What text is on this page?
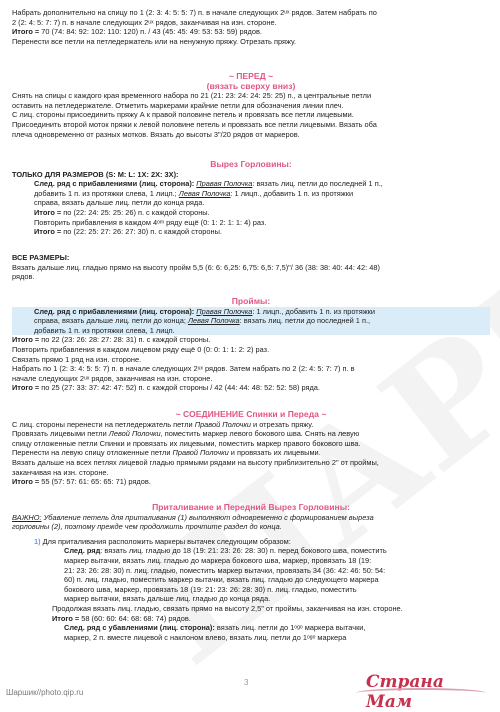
Набрать дополнительно на спицу по 1 (2: 3: 4: 5: 5: 7) п. в начале следующих 2ᵘˣ рядов. Затем набрать по

2 (2: 4: 5: 7: 7) п. в начале следующих 2ᵘˣ рядов, заканчивая на изн. стороне.

Итого = 70 (74: 84: 92: 102: 110: 120) п. / 43 (45: 45: 49: 53: 53: 59) рядов.

Перенести все петли на петледержатель или на ненужную пряжу. Отрезать пряжу.

~ ПЕРЕД ~

(вязать сверху вниз)

Снять на спицы с каждого края временного набора по 21 (21: 23: 24: 24: 25: 25) п., а центральные петли

оставить на петледержателе. Отметить маркерами крайние петли для обозначения линии плеч.

С лиц. стороны присоединить пряжу А к правой половине петель и провязать все петли лицевыми.

Присоединить второй моток пряжи к левой половине петель и провязать все петли лицевыми. Вязать оба

плеча одновременно от разных мотков. Вязать до высоты 3"/20 рядов от маркеров.

Вырез Горловины:

ТОЛЬКО ДЛЯ РАЗМЕРОВ (S: M: L: 1X: 2X: 3X):

След. ряд с прибавлениями (лиц. сторона): Правая Полочка: вязать лиц. петли до последней 1 п.,

добавить 1 п. из протяжки слева, 1 лицп.; Левая Полочка: 1 лицп., добавить 1 п. из протяжки

справа, вязать дальше лиц. петли до конца ряда.

Итого = по (22: 24: 25: 25: 26) п. с каждой стороны.

Повторить прибавления в каждом 4ᵒᵐ ряду ещё (0: 1: 2: 1: 1: 4) раз.

Итого = по (22: 25: 27: 26: 27: 30) п. с каждой стороны.

ВСЕ РАЗМЕРЫ:

Вязать дальше лиц. гладью прямо на высоту пройм 5,5 (6: 6: 6,25: 6,75: 6,5: 7,5)"/ 36 (38: 38: 40: 44: 42: 48)

рядов.

Проймы:

След. ряд с прибавлениями (лиц. сторона): Правая Полочка: 1 лицп., добавить 1 п. из протяжки

справа, вязать дальше лиц. петли до конца; Левая Полочка: вязать лиц. петли до последней 1 п.,

добавить 1 п. из протяжки слева, 1 лицп.

Итого = по 22 (23: 26: 28: 27: 28: 31) п. с каждой стороны.

Повторить прибавления в каждом лицевом ряду ещё 0 (0: 0: 1: 1: 2: 2) раз.

Связать прямо 1 ряд на изн. стороне.

Набрать по 1 (2: 3: 4: 5: 5: 7) п. в начале следующих 2ᵘˣ рядов. Затем набрать по 2 (2: 4: 5: 7: 7) п. в

начале следующих 2ᵘˣ рядов, заканчивая на изн. стороне.

Итого = по 25 (27: 33: 37: 42: 47: 52) п. с каждой стороны / 42 (44: 44: 48: 52: 52: 58) ряда.

~ СОЕДИНЕНИЕ Спинки и Переда ~

С лиц. стороны перенести на петледержатель петли Правой Полочки и отрезать пряжу.

Провязать лицевыми петли Левой Полочки, поместить маркер левого бокового шва. Снять на левую

спицу отложенные петли Спинки и провязать их лицевыми, поместить маркер правого бокового шва.

Перенести на левую спицу отложенные петли Правой Полочки и провязать их лицевыми.

Вязать дальше на всех петлях лицевой гладью прямыми рядами на высоту приблизительно 2" от проймы,

заканчивая на изн. стороне.

Итого = 55 (57: 57: 61: 65: 65: 71) рядов.

Приталивание и Передний Вырез Горловины:

ВАЖНО: Убавление петель для приталивания (1) выполняют одновременно с формированием выреза

горловины (2), поэтому прежде чем продолжить прочтите раздел до конца.

1) Для приталивания расположить маркеры вытачек следующим образом:

След. ряд: вязать лиц. гладью до 18 (19: 21: 23: 26: 28: 30) п. перед бокового шва, поместить

маркер вытачки, вязать лиц. гладью до маркера бокового шва, маркер, провязать 18 (19:

21: 23: 26: 28: 30) п. лиц. гладью, поместить маркер вытачки, провязать 34 (36: 42: 46: 50: 54:

60) п. лиц. гладью, поместить маркер вытачки, вязать лиц. гладью до следующего маркера

бокового шва, маркер, провязать 18 (19: 21: 23: 26: 28: 30) п. лиц. гладью, поместить

маркер вытачки, вязать дальше лиц. гладью до конца ряда.

Продолжая вязать лиц. гладью, связать прямо на высоту 2,5" от проймы, заканчивая на изн. стороне.

Итого = 58 (60: 60: 64: 68: 68: 74) рядов.

След. ряд с убавлениями (лиц. сторона): вязать лиц. петли до 1ᵒᵍᵒ маркера вытачки,

маркер, 2 п. вместе лицевой с наклоном влево, вязать лиц. петли до 1ᵒᵍᵒ маркера

3
Шаршик//photo.qip.ru
Страна Мам
